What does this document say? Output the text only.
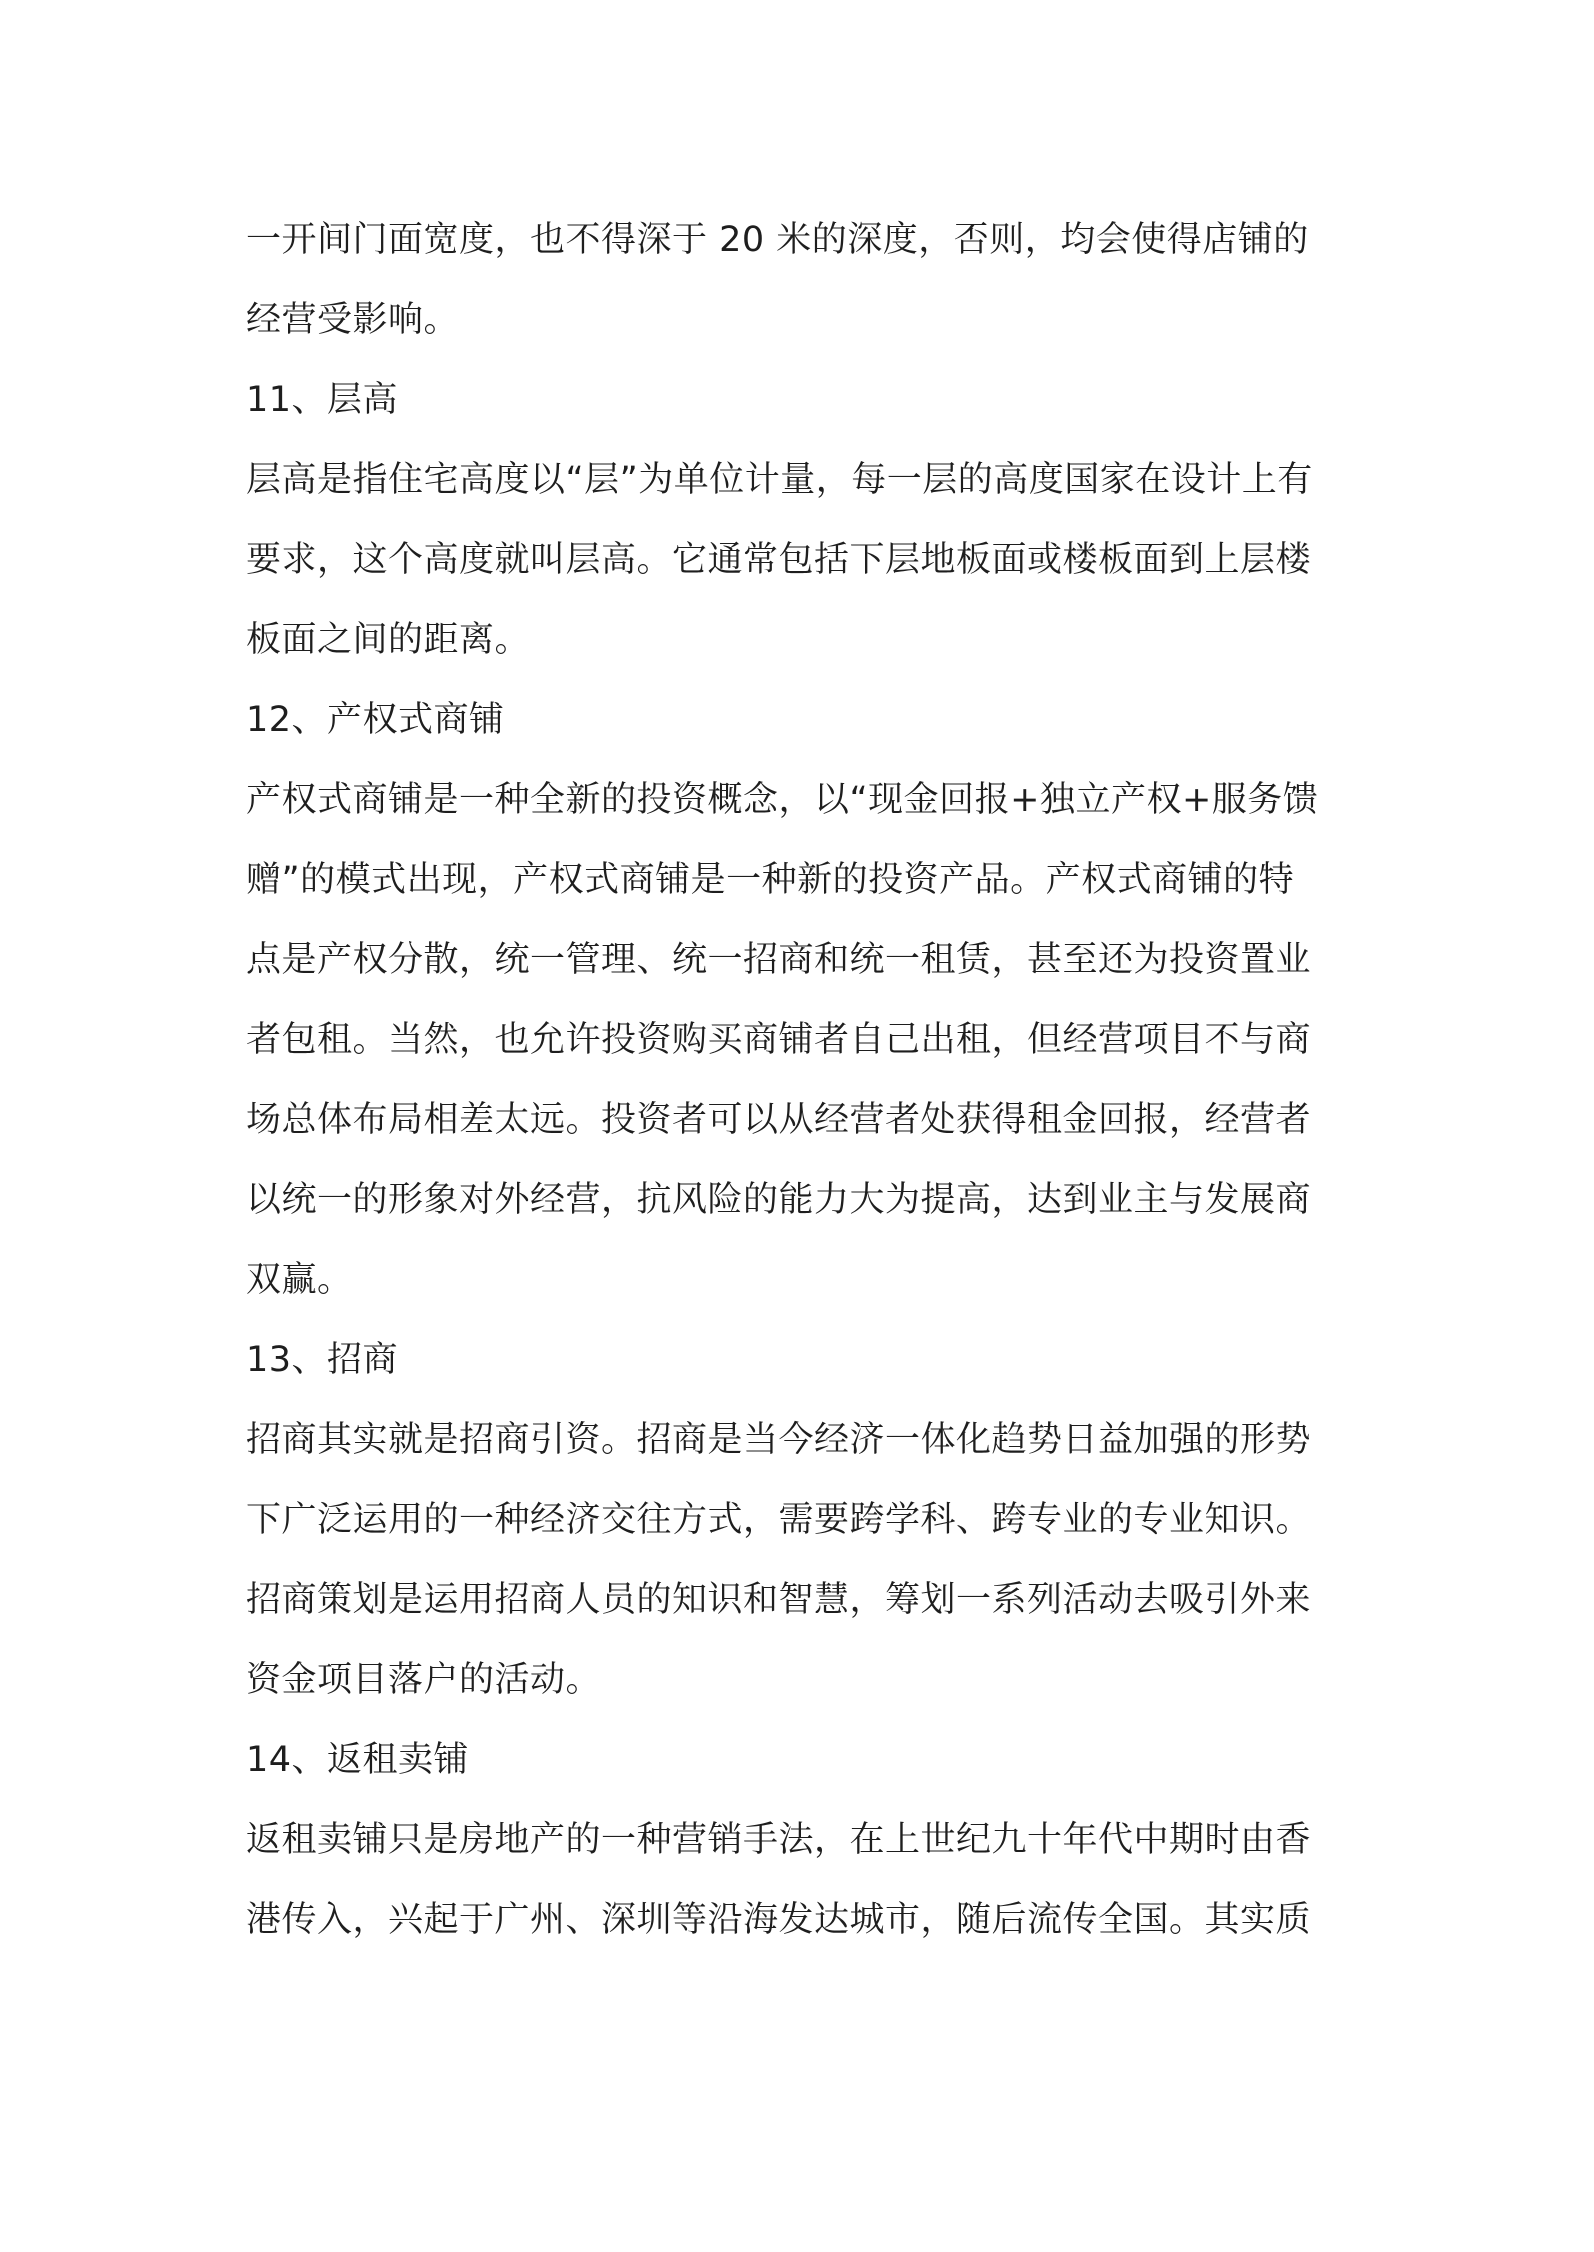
一开间门面宽度，也不得深于 20 米的深度，否则，均会使得店铺的
经营受影响。

11、层高

层高是指住宅高度以“层”为单位计量，每一层的高度国家在设计上有
要求，这个高度就叫层高。它通常包括下层地板面或楼板面到上层楼
板面之间的距离。

12、产权式商铺

产权式商铺是一种全新的投资概念，以“现金回报+独立产权+服务馈
赠”的模式出现，产权式商铺是一种新的投资产品。产权式商铺的特
点是产权分散，统一管理、统一招商和统一租赁，甚至还为投资置业
者包租。当然，也允许投资购买商铺者自己出租，但经营项目不与商
场总体布局相差太远。投资者可以从经营者处获得租金回报，经营者
以统一的形象对外经营，抗风险的能力大为提高，达到业主与发展商
双赢。

13、招商

招商其实就是招商引资。招商是当今经济一体化趋势日益加强的形势
下广泛运用的一种经济交往方式，需要跨学科、跨专业的专业知识。
招商策划是运用招商人员的知识和智慧，筹划一系列活动去吸引外来
资金项目落户的活动。

14、返租卖铺

返租卖铺只是房地产的一种营销手法，在上世纪九十年代中期时由香
港传入，兴起于广州、深圳等沿海发达城市，随后流传全国。其实质
